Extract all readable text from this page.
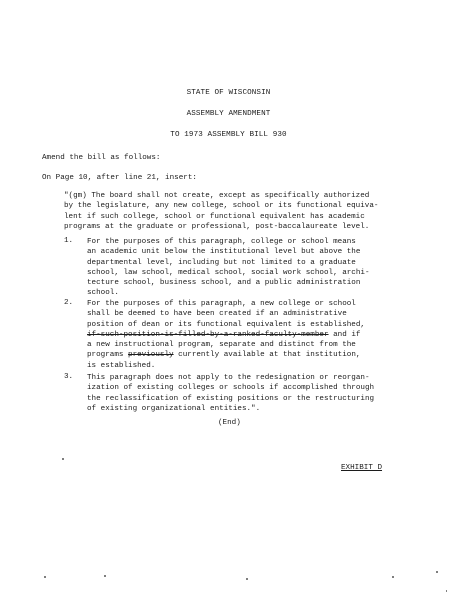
STATE OF WISCONSIN
ASSEMBLY AMENDMENT
TO 1973 ASSEMBLY BILL 930
Amend the bill as follows:
On Page 10, after line 21, insert:
"(gm) The board shall not create, except as specifically authorized
by the legislature, any new college, school or its functional equiva-
lent if such college, school or functional equivalent has academic
programs at the graduate or professional, post-baccalaureate level.
1. For the purposes of this paragraph, college or school means
an academic unit below the institutional level but above the
departmental level, including but not limited to a graduate
school, law school, medical school, social work school, archi-
tecture school, business school, and a public administration
school.
2. For the purposes of this paragraph, a new college or school
shall be deemed to have been created if an administrative
position of dean or its functional equivalent is established,
if-such-position-is-filled-by-a-ranked-faculty-member and if
a new instructional program, separate and distinct from the
programs previously currently available at that institution,
is established.
3. This paragraph does not apply to the redesignation or reorgan-
ization of existing colleges or schools if accomplished through
the reclassification of existing positions or the restructuring
of existing organizational entities.".
(End)
EXHIBIT D
